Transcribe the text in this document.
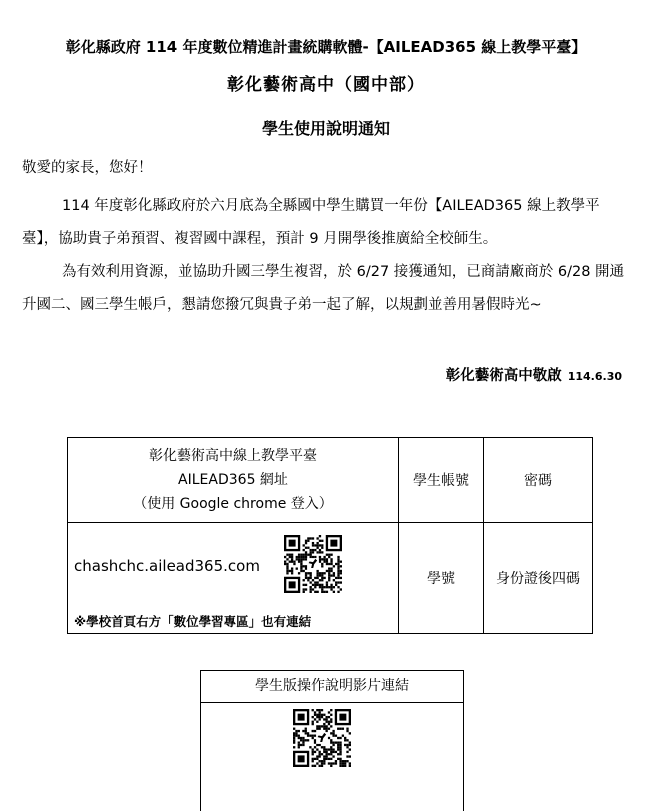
彰化縣政府 114 年度數位精進計畫統購軟體-【AILEAD365 線上教學平臺】
彰化藝術高中（國中部）
學生使用說明通知
敬愛的家長，您好！
114 年度彰化縣政府於六月底為全縣國中學生購買一年份【AILEAD365 線上教學平臺】，協助貴子弟預習、複習國中課程，預計 9 月開學後推廣給全校師生。
為有效利用資源，並協助升國三學生複習，於 6/27 接獲通知，已商請廠商於 6/28 開通升國二、國三學生帳戶，懇請您撥冗與貴子弟一起了解，以規劃並善用暑假時光~
彰化藝術高中敬啟 114.6.30
彰化藝術高中線上教學平臺
AILEAD365 網址
（使用 Google chrome 登入）	學生帳號	密碼

chashchc.ailead365.com
※學校首頁右方「數位學習專區」也有連結	學號	身份證後四碼
學生版操作說明影片連結
